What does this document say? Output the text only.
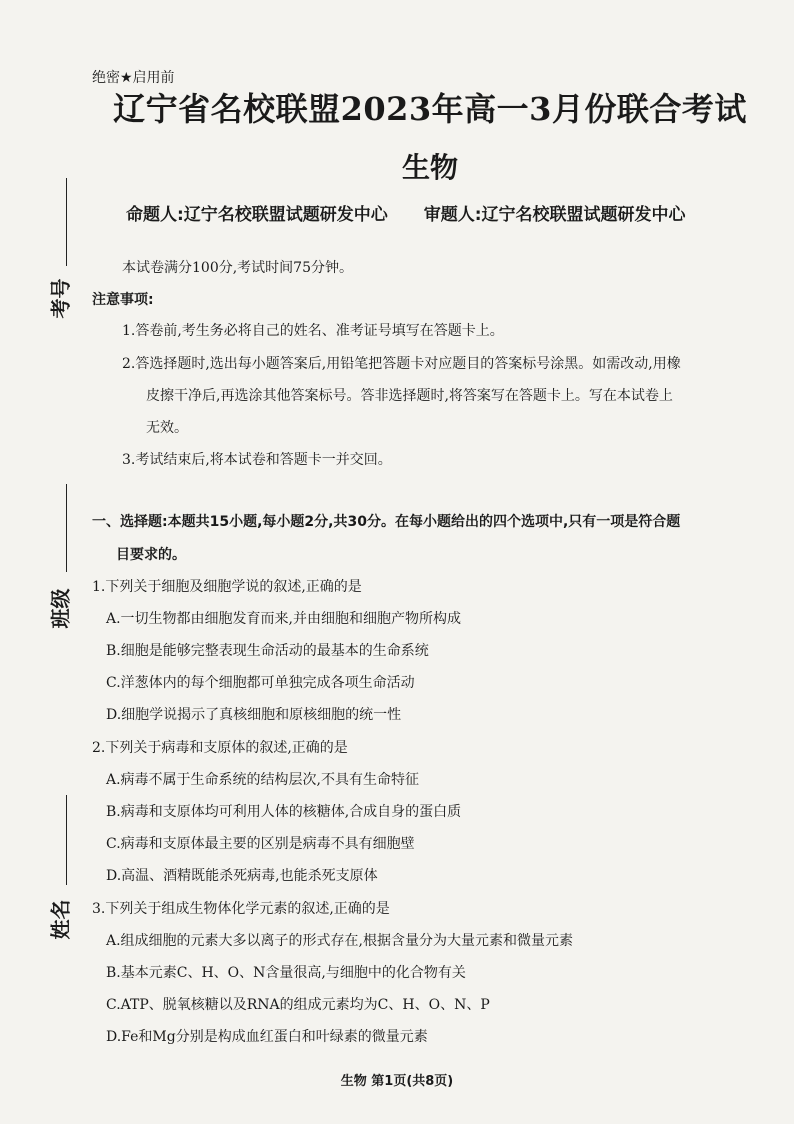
考号
班级
姓名
绝密★启用前
辽宁省名校联盟2023年高一3月份联合考试
生物
命题人:辽宁名校联盟试题研发中心 审题人:辽宁名校联盟试题研发中心
本试卷满分100分,考试时间75分钟。
注意事项:
1.答卷前,考生务必将自己的姓名、准考证号填写在答题卡上。
2.答选择题时,选出每小题答案后,用铅笔把答题卡对应题目的答案标号涂黑。如需改动,用橡
皮擦干净后,再选涂其他答案标号。答非选择题时,将答案写在答题卡上。写在本试卷上
无效。
3.考试结束后,将本试卷和答题卡一并交回。
一、选择题:本题共15小题,每小题2分,共30分。在每小题给出的四个选项中,只有一项是符合题
目要求的。
1.下列关于细胞及细胞学说的叙述,正确的是
A.一切生物都由细胞发育而来,并由细胞和细胞产物所构成
B.细胞是能够完整表现生命活动的最基本的生命系统
C.洋葱体内的每个细胞都可单独完成各项生命活动
D.细胞学说揭示了真核细胞和原核细胞的统一性
2.下列关于病毒和支原体的叙述,正确的是
A.病毒不属于生命系统的结构层次,不具有生命特征
B.病毒和支原体均可利用人体的核糖体,合成自身的蛋白质
C.病毒和支原体最主要的区别是病毒不具有细胞壁
D.高温、酒精既能杀死病毒,也能杀死支原体
3.下列关于组成生物体化学元素的叙述,正确的是
A.组成细胞的元素大多以离子的形式存在,根据含量分为大量元素和微量元素
B.基本元素C、H、O、N含量很高,与细胞中的化合物有关
C.ATP、脱氧核糖以及RNA的组成元素均为C、H、O、N、P
D.Fe和Mg分别是构成血红蛋白和叶绿素的微量元素
生物 第1页(共8页)
